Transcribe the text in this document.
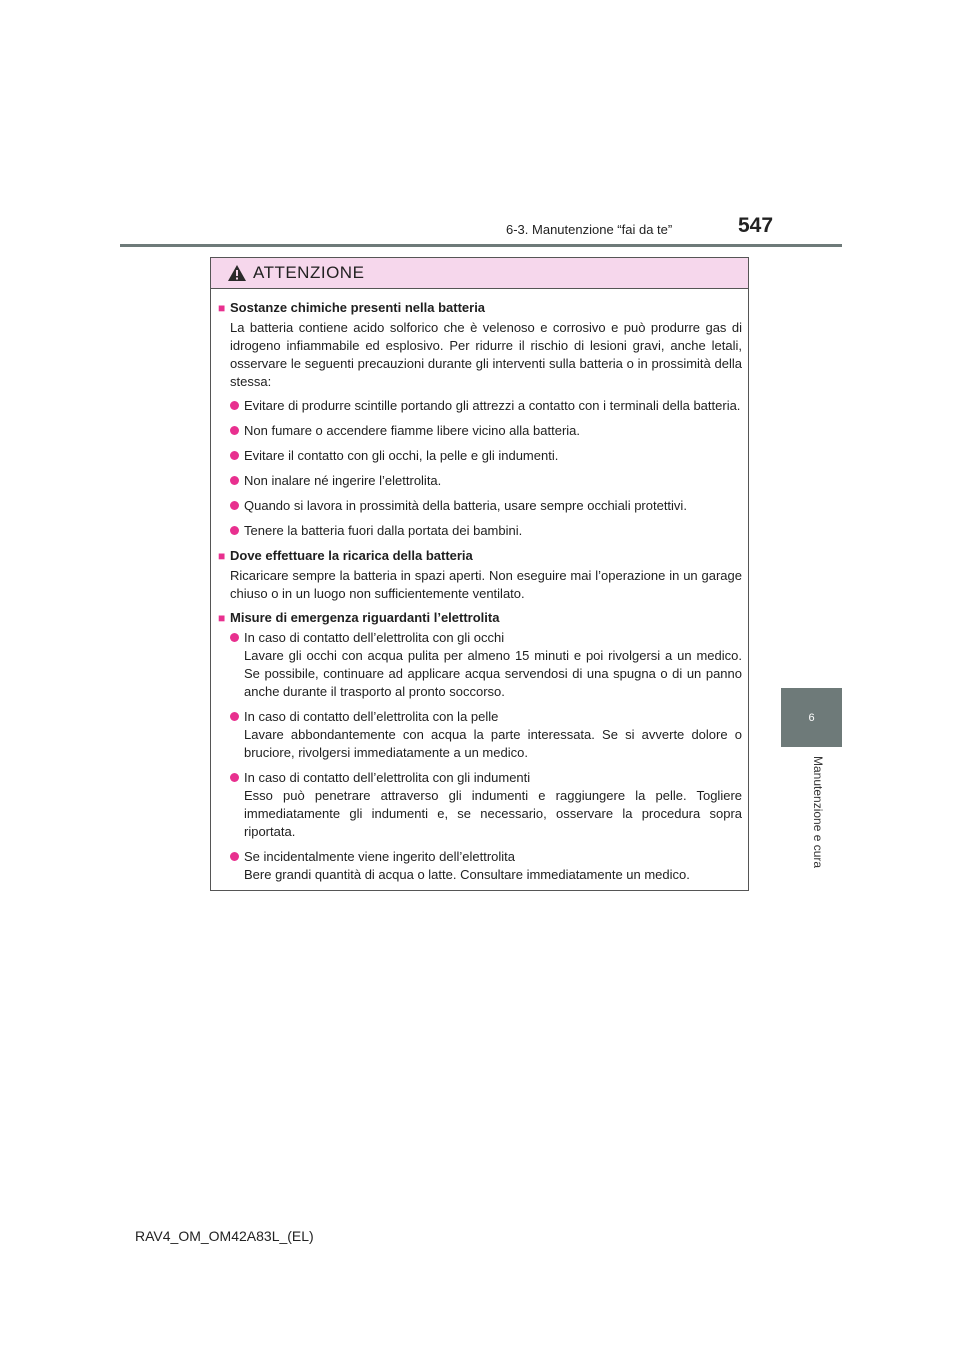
6-3. Manutenzione “fai da te”	547
6
Manutenzione e cura
ATTENZIONE
■ Sostanze chimiche presenti nella batteria

La batteria contiene acido solforico che è velenoso e corrosivo e può produrre gas di idrogeno infiammabile ed esplosivo. Per ridurre il rischio di lesioni gravi, anche letali, osservare le seguenti precauzioni durante gli interventi sulla batteria o in prossimità della stessa:

Evitare di produrre scintille portando gli attrezzi a contatto con i terminali della batteria.
Non fumare o accendere fiamme libere vicino alla batteria.
Evitare il contatto con gli occhi, la pelle e gli indumenti.
Non inalare né ingerire l’elettrolita.
Quando si lavora in prossimità della batteria, usare sempre occhiali protettivi.
Tenere la batteria fuori dalla portata dei bambini.
■ Dove effettuare la ricarica della batteria

Ricaricare sempre la batteria in spazi aperti. Non eseguire mai l’operazione in un garage chiuso o in un luogo non sufficientemente ventilato.

■ Misure di emergenza riguardanti l’elettrolita
In caso di contatto dell’elettrolita con gli occhi
Lavare gli occhi con acqua pulita per almeno 15 minuti e poi rivolgersi a un medico. Se possibile, continuare ad applicare acqua servendosi di una spugna o di un panno anche durante il trasporto al pronto soccorso.
In caso di contatto dell’elettrolita con la pelle
Lavare abbondantemente con acqua la parte interessata. Se si avverte dolore o bruciore, rivolgersi immediatamente a un medico.
In caso di contatto dell’elettrolita con gli indumenti
Esso può penetrare attraverso gli indumenti e raggiungere la pelle. Togliere immediatamente gli indumenti e, se necessario, osservare la procedura sopra riportata.
Se incidentalmente viene ingerito dell’elettrolita
Bere grandi quantità di acqua o latte. Consultare immediatamente un medico.
RAV4_OM_OM42A83L_(EL)
